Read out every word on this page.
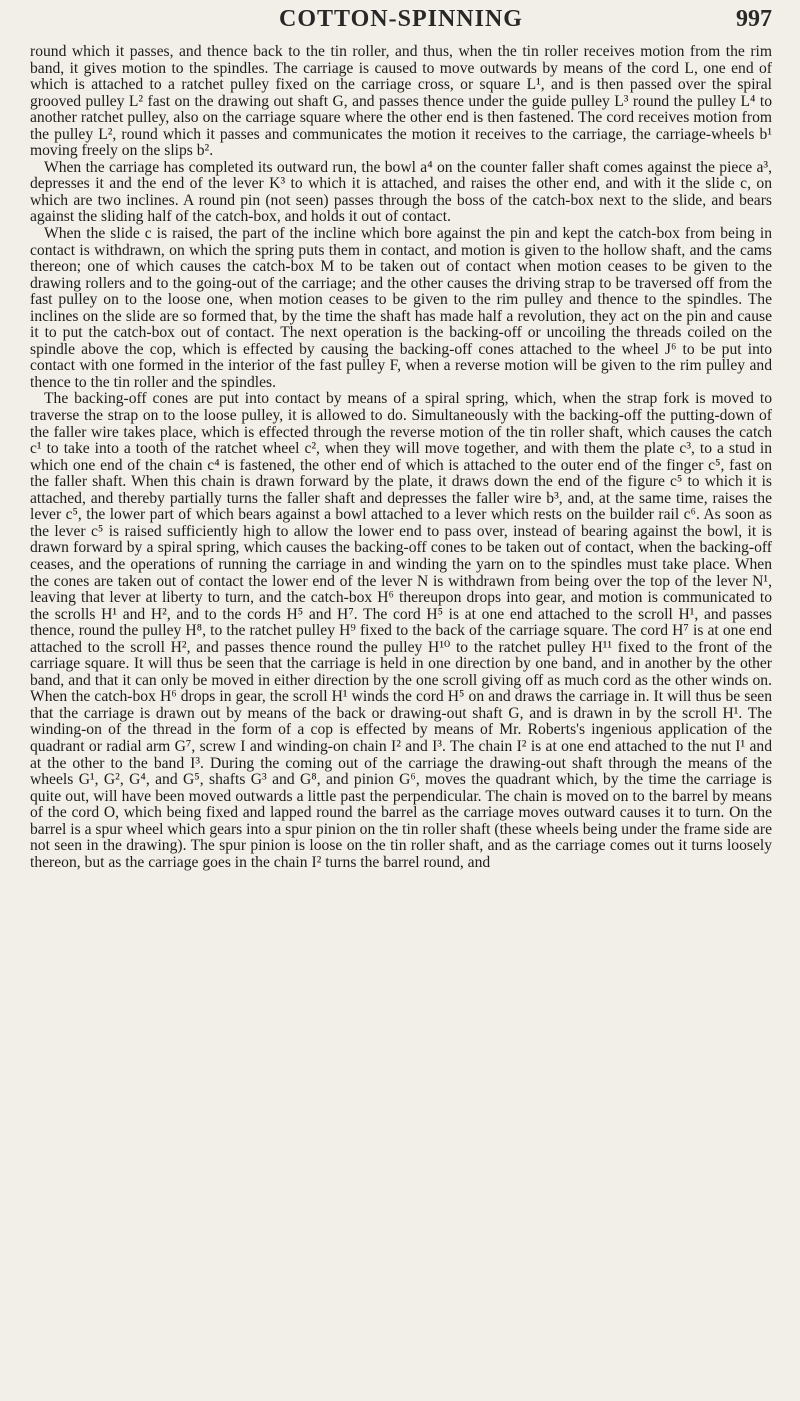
COTTON-SPINNING	997

round which it passes, and thence back to the tin roller, and thus, when the tin roller receives motion from the rim band, it gives motion to the spindles. The carriage is caused to move outwards by means of the cord L, one end of which is attached to a ratchet pulley fixed on the carriage cross, or square L¹, and is then passed over the spiral grooved pulley L² fast on the drawing out shaft G, and passes thence under the guide pulley L³ round the pulley L⁴ to another ratchet pulley, also on the carriage square where the other end is then fastened. The cord receives motion from the pulley L², round which it passes and communicates the motion it receives to the carriage, the carriage-wheels b¹ moving freely on the slips b².

When the carriage has completed its outward run, the bowl a⁴ on the counter faller shaft comes against the piece a³, depresses it and the end of the lever K³ to which it is attached, and raises the other end, and with it the slide c, on which are two inclines. A round pin (not seen) passes through the boss of the catch-box next to the slide, and bears against the sliding half of the catch-box, and holds it out of contact.

When the slide c is raised, the part of the incline which bore against the pin and kept the catch-box from being in contact is withdrawn, on which the spring puts them in contact, and motion is given to the hollow shaft, and the cams thereon; one of which causes the catch-box M to be taken out of contact when motion ceases to be given to the drawing rollers and to the going-out of the carriage; and the other causes the driving strap to be traversed off from the fast pulley on to the loose one, when motion ceases to be given to the rim pulley and thence to the spindles. The inclines on the slide are so formed that, by the time the shaft has made half a revolution, they act on the pin and cause it to put the catch-box out of contact. The next operation is the backing-off or uncoiling the threads coiled on the spindle above the cop, which is effected by causing the backing-off cones attached to the wheel J⁶ to be put into contact with one formed in the interior of the fast pulley F, when a reverse motion will be given to the rim pulley and thence to the tin roller and the spindles.

The backing-off cones are put into contact by means of a spiral spring, which, when the strap fork is moved to traverse the strap on to the loose pulley, it is allowed to do. Simultaneously with the backing-off the putting-down of the faller wire takes place, which is effected through the reverse motion of the tin roller shaft, which causes the catch c¹ to take into a tooth of the ratchet wheel c², when they will move together, and with them the plate c³, to a stud in which one end of the chain c⁴ is fastened, the other end of which is attached to the outer end of the finger c⁵, fast on the faller shaft. When this chain is drawn forward by the plate, it draws down the end of the figure c⁵ to which it is attached, and thereby partially turns the faller shaft and depresses the faller wire b³, and, at the same time, raises the lever c⁵, the lower part of which bears against a bowl attached to a lever which rests on the builder rail c⁶. As soon as the lever c⁵ is raised sufficiently high to allow the lower end to pass over, instead of bearing against the bowl, it is drawn forward by a spiral spring, which causes the backing-off cones to be taken out of contact, when the backing-off ceases, and the operations of running the carriage in and winding the yarn on to the spindles must take place. When the cones are taken out of contact the lower end of the lever N is withdrawn from being over the top of the lever N¹, leaving that lever at liberty to turn, and the catch-box H⁶ thereupon drops into gear, and motion is communicated to the scrolls H¹ and H², and to the cords H⁵ and H⁷. The cord H⁵ is at one end attached to the scroll H¹, and passes thence, round the pulley H⁸, to the ratchet pulley H⁹ fixed to the back of the carriage square. The cord H⁷ is at one end attached to the scroll H², and passes thence round the pulley H¹⁰ to the ratchet pulley H¹¹ fixed to the front of the carriage square. It will thus be seen that the carriage is held in one direction by one band, and in another by the other band, and that it can only be moved in either direction by the one scroll giving off as much cord as the other winds on. When the catch-box H⁶ drops in gear, the scroll H¹ winds the cord H⁵ on and draws the carriage in. It will thus be seen that the carriage is drawn out by means of the back or drawing-out shaft G, and is drawn in by the scroll H¹. The winding-on of the thread in the form of a cop is effected by means of Mr. Roberts's ingenious application of the quadrant or radial arm G⁷, screw I and winding-on chain I² and I³. The chain I² is at one end attached to the nut I¹ and at the other to the band I³. During the coming out of the carriage the drawing-out shaft through the means of the wheels G¹, G², G⁴, and G⁵, shafts G³ and G⁸, and pinion G⁶, moves the quadrant which, by the time the carriage is quite out, will have been moved outwards a little past the perpendicular. The chain is moved on to the barrel by means of the cord O, which being fixed and lapped round the barrel as the carriage moves outward causes it to turn. On the barrel is a spur wheel which gears into a spur pinion on the tin roller shaft (these wheels being under the frame side are not seen in the drawing). The spur pinion is loose on the tin roller shaft, and as the carriage comes out it turns loosely thereon, but as the carriage goes in the chain I² turns the barrel round, and
